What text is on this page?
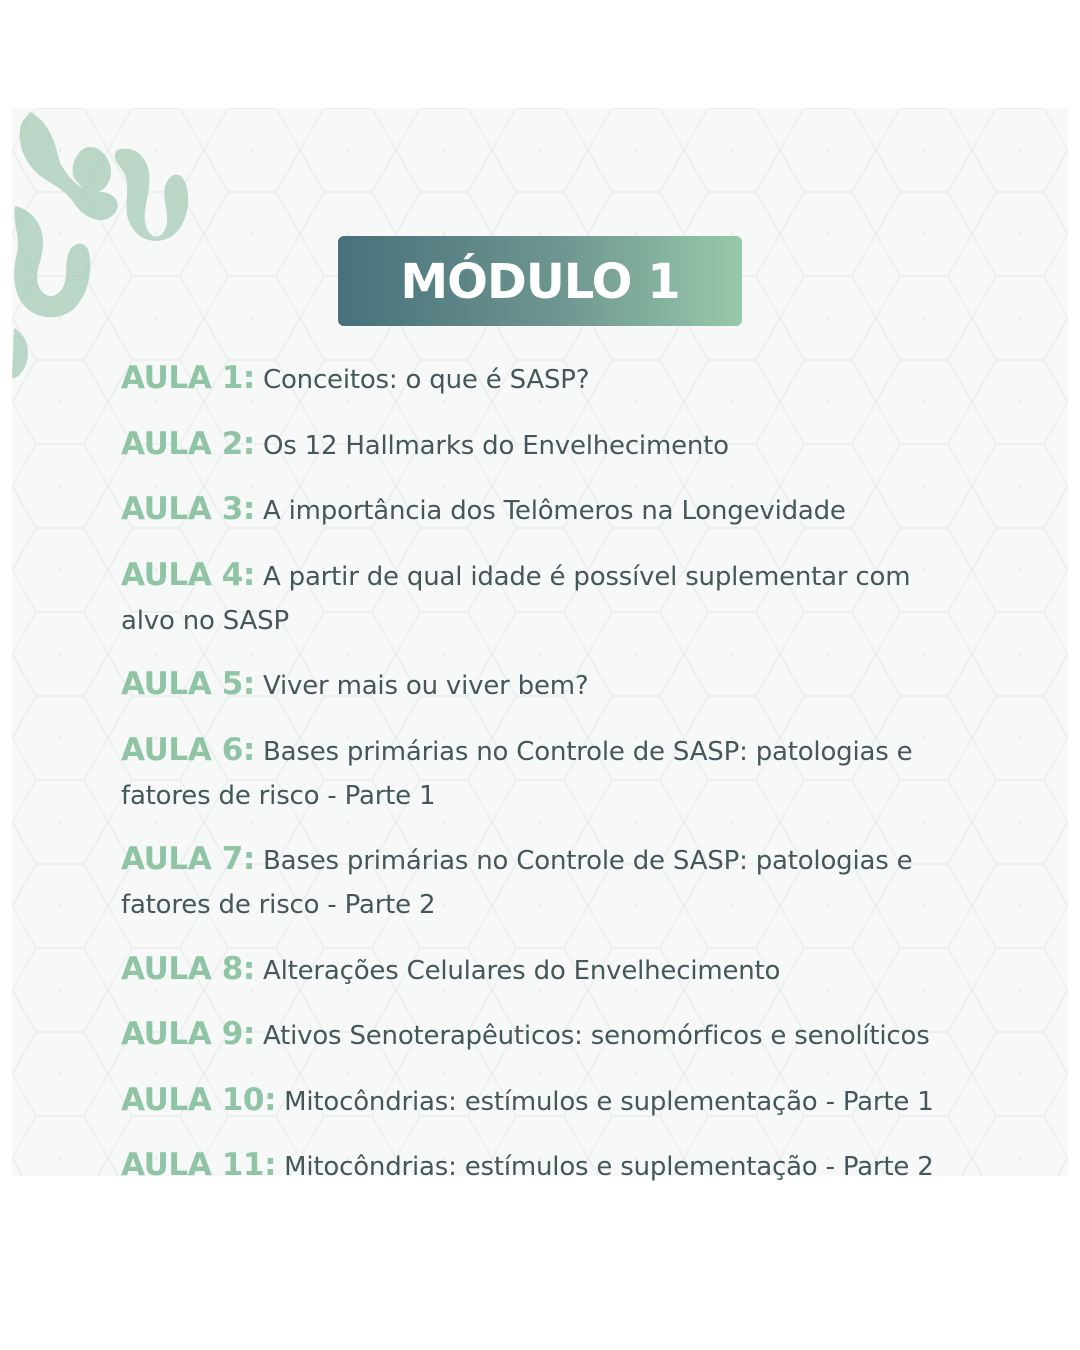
MÓDULO 1
AULA 1: Conceitos: o que é SASP?
AULA 2: Os 12 Hallmarks do Envelhecimento
AULA 3: A importância dos Telômeros na Longevidade
AULA 4: A partir de qual idade é possível suplementar com alvo no SASP
AULA 5: Viver mais ou viver bem?
AULA 6: Bases primárias no Controle de SASP: patologias e fatores de risco - Parte 1
AULA 7: Bases primárias no Controle de SASP: patologias e fatores de risco - Parte 2
AULA 8: Alterações Celulares do Envelhecimento
AULA 9: Ativos Senoterapêuticos: senomórficos e senolíticos
AULA 10: Mitocôndrias: estímulos e suplementação - Parte 1
AULA 11: Mitocôndrias: estímulos e suplementação - Parte 2
